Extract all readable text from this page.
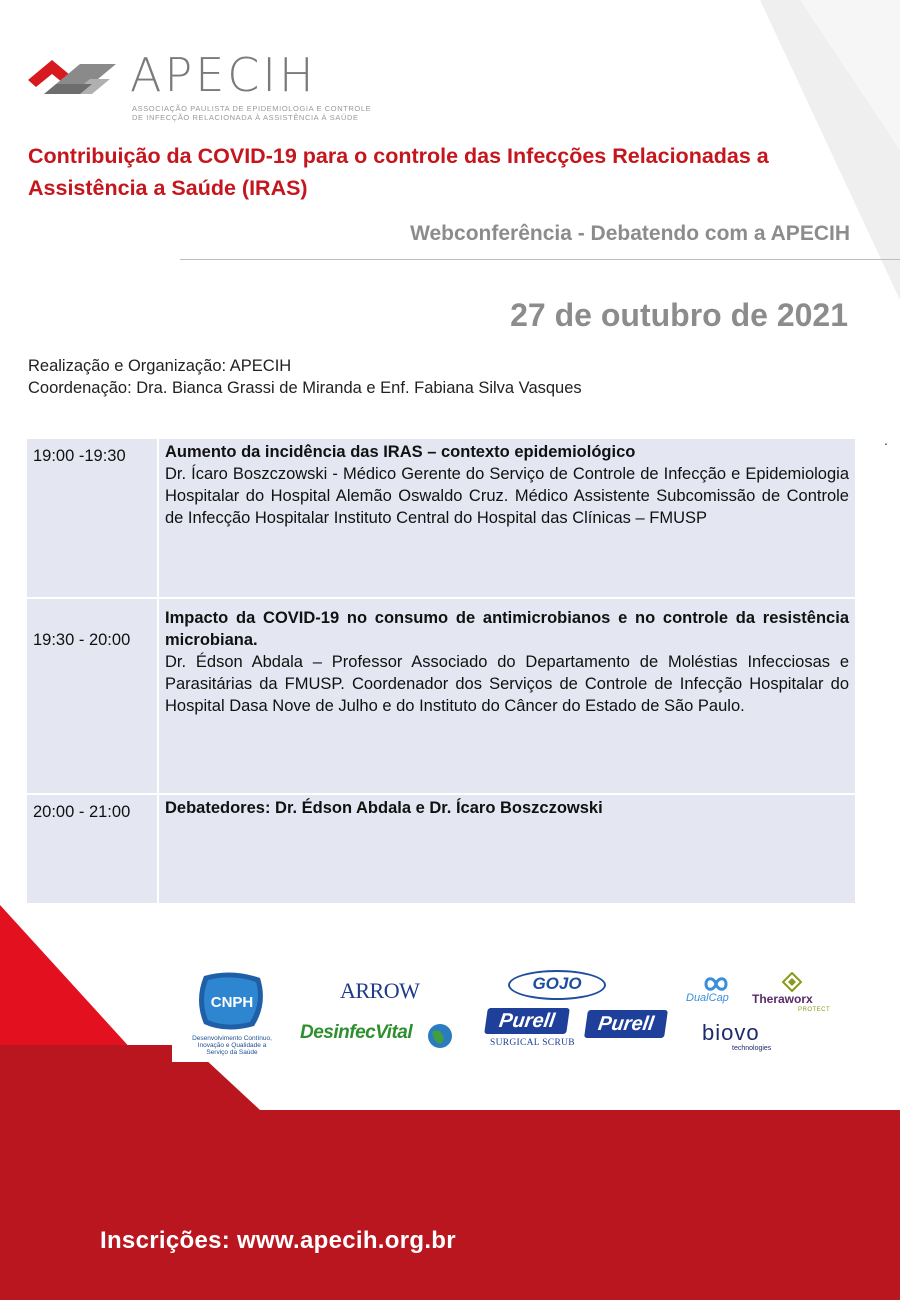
APECIH
ASSOCIAÇÃO PAULISTA DE EPIDEMIOLOGIA E CONTROLE DE INFECÇÃO RELACIONADA À ASSISTÊNCIA À SAÚDE
Contribuição da COVID-19 para o controle das Infecções Relacionadas a Assistência a Saúde (IRAS)
Webconferência - Debatendo com a APECIH
27 de outubro de 2021
Realização e Organização: APECIH
Coordenação: Dra. Bianca Grassi de Miranda e Enf. Fabiana Silva Vasques
.
19:00 -19:30	Aumento da incidência das IRAS – contexto epidemiológico
Dr. Ícaro Boszczowski - Médico Gerente do Serviço de Controle de Infecção e Epidemiologia Hospitalar do Hospital Alemão Oswaldo Cruz. Médico Assistente Subcomissão de Controle de Infecção Hospitalar Instituto Central do Hospital das Clínicas – FMUSP

19:30 - 20:00	Impacto da COVID-19 no consumo de antimicrobianos e no controle da resistência microbiana.
Dr. Édson Abdala – Professor Associado do Departamento de Moléstias Infecciosas e Parasitárias da FMUSP. Coordenador dos Serviços de Controle de Infecção Hospitalar do Hospital Dasa Nove de Julho e do Instituto do Câncer do Estado de São Paulo.

20:00 - 21:00	Debatedores: Dr. Édson Abdala e Dr. Ícaro Boszczowski
CNPH
Desenvolvimento Contínuo, Inovação e Qualidade a Serviço da Saúde
ARROW
DesinfecVital
GOJO
Purell
SURGICAL SCRUB
Purell
DualCap Theraworx
PROTECT
biovo
technologies
Inscrições: www.apecih.org.br
